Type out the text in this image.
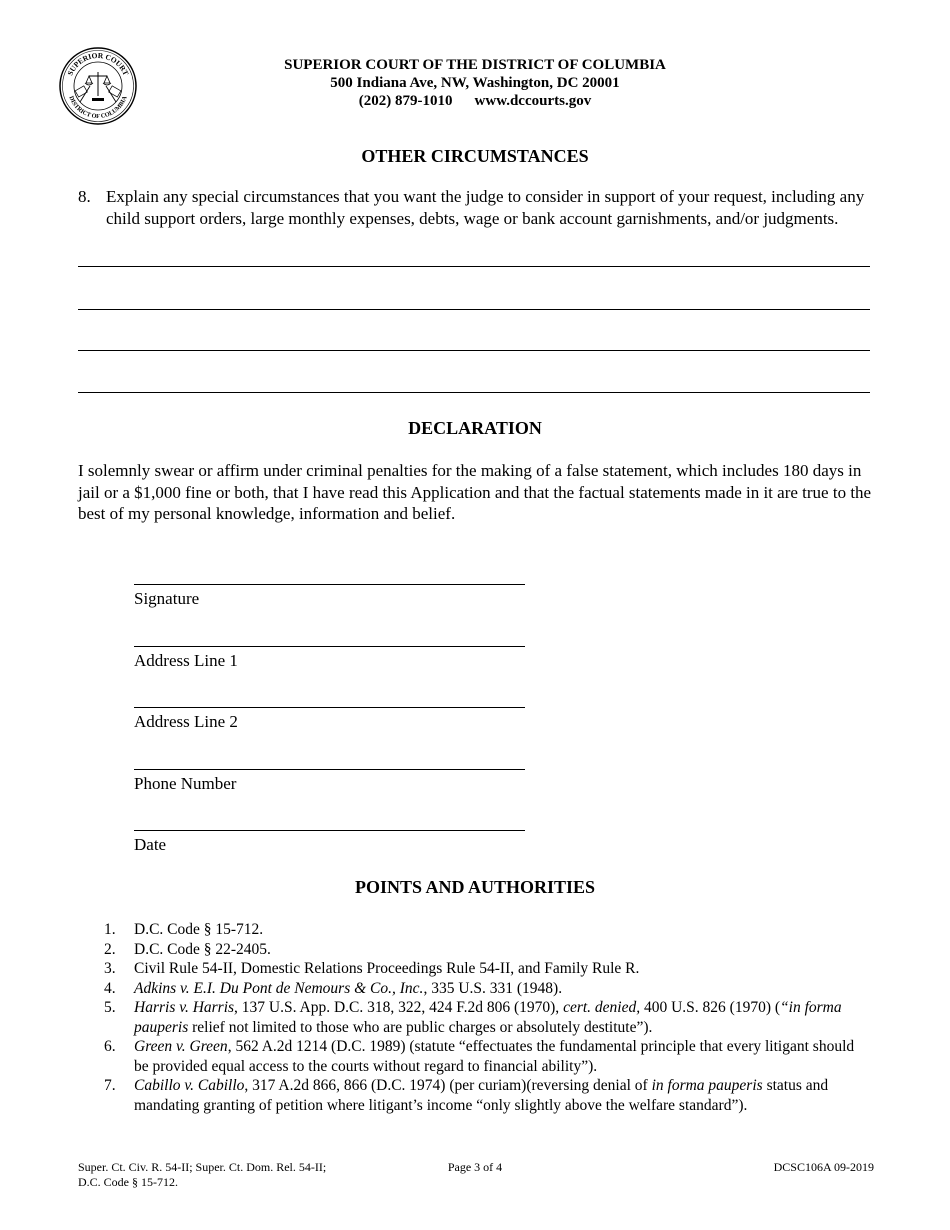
SUPERIOR COURT
DISTRICT OF COLUMBIA
SUPERIOR COURT OF THE DISTRICT OF COLUMBIA
500 Indiana Ave, NW, Washington, DC 20001
(202) 879-1010 www.dccourts.gov
OTHER CIRCUMSTANCES
8. Explain any special circumstances that you want the judge to consider in support of your request, including any child support orders, large monthly expenses, debts, wage or bank account garnishments, and/or judgments.
DECLARATION
I solemnly swear or affirm under criminal penalties for the making of a false statement, which includes 180 days in jail or a $1,000 fine or both, that I have read this Application and that the factual statements made in it are true to the best of my personal knowledge, information and belief.
Signature
Address Line 1
Address Line 2
Phone Number
Date
POINTS AND AUTHORITIES
1. D.C. Code § 15-712.
2. D.C. Code § 22-2405.
3. Civil Rule 54-II, Domestic Relations Proceedings Rule 54-II, and Family Rule R.
4. Adkins v. E.I. Du Pont de Nemours & Co., Inc., 335 U.S. 331 (1948).
5. Harris v. Harris, 137 U.S. App. D.C. 318, 322, 424 F.2d 806 (1970), cert. denied, 400 U.S. 826 (1970) (“in forma pauperis relief not limited to those who are public charges or absolutely destitute”).
6. Green v. Green, 562 A.2d 1214 (D.C. 1989) (statute “effectuates the fundamental principle that every litigant should be provided equal access to the courts without regard to financial ability”).
7. Cabillo v. Cabillo, 317 A.2d 866, 866 (D.C. 1974) (per curiam)(reversing denial of in forma pauperis status and mandating granting of petition where litigant’s income “only slightly above the welfare standard”).
Super. Ct. Civ. R. 54-II; Super. Ct. Dom. Rel. 54-II;
D.C. Code § 15-712.
Page 3 of 4	DCSC106A 09-2019
